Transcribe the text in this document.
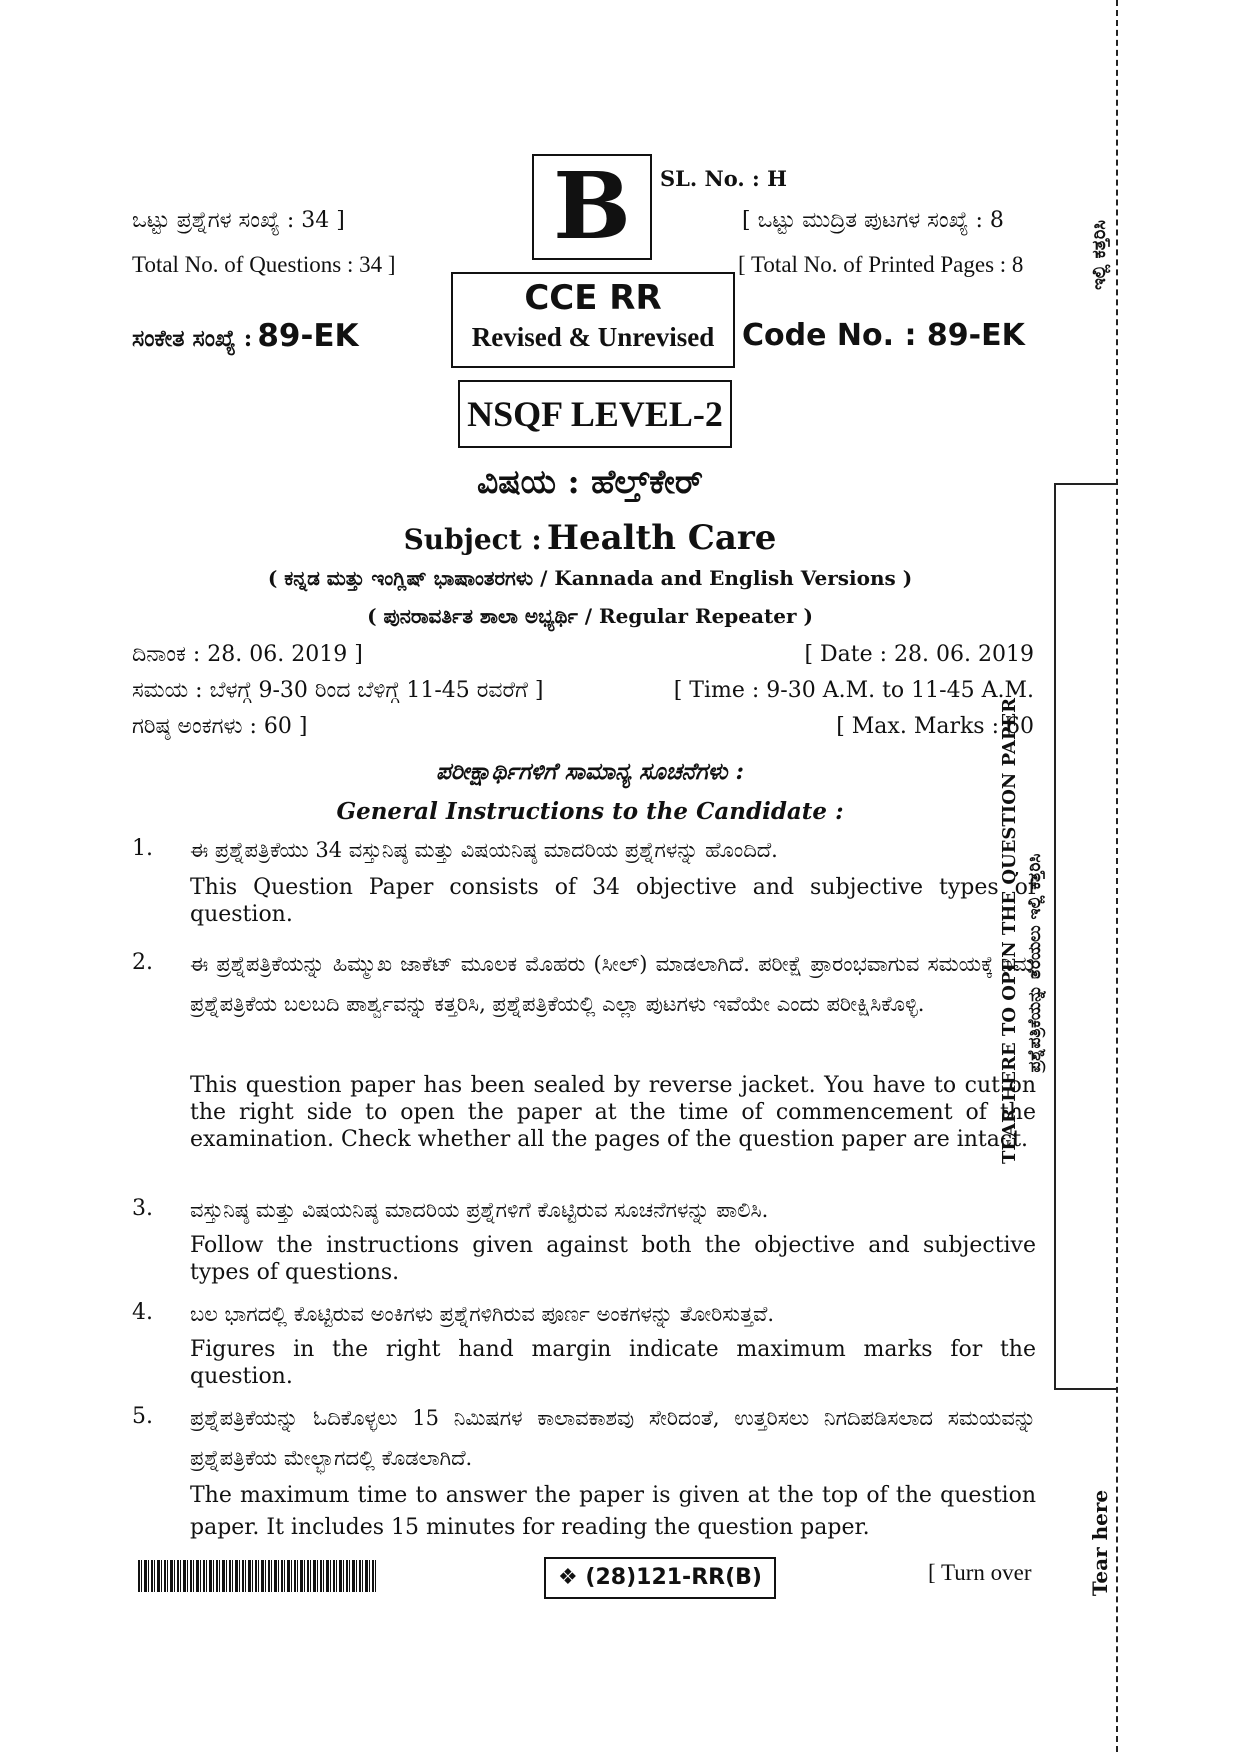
ಇಲ್ಲಿ ಕತ್ತರಿಸಿ
TEAR HERE TO OPEN THE QUESTION PAPER ಪ್ರಶ್ನೆಪತ್ರಿಕೆಯನ್ನು ತೆರೆಯಲು ಇಲ್ಲಿ ಕತ್ತರಿಸಿ
Tear here
B	SL. No. : H
ಒಟ್ಟು ಪ್ರಶ್ನೆಗಳ ಸಂಖ್ಯೆ : 34 ]
Total No. of Questions : 34 ]
[ ಒಟ್ಟು ಮುದ್ರಿತ ಪುಟಗಳ ಸಂಖ್ಯೆ : 8
[ Total No. of Printed Pages : 8
CCE RR
Revised & Unrevised
ಸಂಕೇತ ಸಂಖ್ಯೆ : 89-EK	Code No. : 89-EK
NSQF LEVEL-2
ವಿಷಯ : ಹೆಲ್ತ್‌ಕೇರ್
Subject : Health Care
( ಕನ್ನಡ ಮತ್ತು ಇಂಗ್ಲಿಷ್ ಭಾಷಾಂತರಗಳು / Kannada and English Versions )
( ಪುನರಾವರ್ತಿತ ಶಾಲಾ ಅಭ್ಯರ್ಥಿ / Regular Repeater )
ದಿನಾಂಕ : 28. 06. 2019 ]	[ Date : 28. 06. 2019
ಸಮಯ : ಬೆಳಗ್ಗೆ 9-30 ರಿಂದ ಬೆಳಿಗ್ಗೆ 11-45 ರವರೆಗೆ ]	[ Time : 9-30 A.M. to 11-45 A.M.
ಗರಿಷ್ಠ ಅಂಕಗಳು : 60 ]	[ Max. Marks : 60
ಪರೀಕ್ಷಾರ್ಥಿಗಳಿಗೆ ಸಾಮಾನ್ಯ ಸೂಚನೆಗಳು :
General Instructions to the Candidate :
1. ಈ ಪ್ರಶ್ನೆಪತ್ರಿಕೆಯು 34 ವಸ್ತುನಿಷ್ಠ ಮತ್ತು ವಿಷಯನಿಷ್ಠ ಮಾದರಿಯ ಪ್ರಶ್ನೆಗಳನ್ನು ಹೊಂದಿದೆ.
This Question Paper consists of 34 objective and subjective types of question.
2. ಈ ಪ್ರಶ್ನೆಪತ್ರಿಕೆಯನ್ನು ಹಿಮ್ಮುಖ ಜಾಕೆಟ್ ಮೂಲಕ ಮೊಹರು (ಸೀಲ್) ಮಾಡಲಾಗಿದೆ. ಪರೀಕ್ಷೆ ಪ್ರಾರಂಭವಾಗುವ ಸಮಯಕ್ಕೆ ನಿಮ್ಮ ಪ್ರಶ್ನೆಪತ್ರಿಕೆಯ ಬಲಬದಿ ಪಾರ್ಶ್ವವನ್ನು ಕತ್ತರಿಸಿ, ಪ್ರಶ್ನೆಪತ್ರಿಕೆಯಲ್ಲಿ ಎಲ್ಲಾ ಪುಟಗಳು ಇವೆಯೇ ಎಂದು ಪರೀಕ್ಷಿಸಿಕೊಳ್ಳಿ.
This question paper has been sealed by reverse jacket. You have to cut on the right side to open the paper at the time of commencement of the examination. Check whether all the pages of the question paper are intact.
3. ವಸ್ತುನಿಷ್ಠ ಮತ್ತು ವಿಷಯನಿಷ್ಠ ಮಾದರಿಯ ಪ್ರಶ್ನೆಗಳಿಗೆ ಕೊಟ್ಟಿರುವ ಸೂಚನೆಗಳನ್ನು ಪಾಲಿಸಿ.
Follow the instructions given against both the objective and subjective types of questions.
4. ಬಲ ಭಾಗದಲ್ಲಿ ಕೊಟ್ಟಿರುವ ಅಂಕಿಗಳು ಪ್ರಶ್ನೆಗಳಿಗಿರುವ ಪೂರ್ಣ ಅಂಕಗಳನ್ನು ತೋರಿಸುತ್ತವೆ.
Figures in the right hand margin indicate maximum marks for the question.
5. ಪ್ರಶ್ನೆಪತ್ರಿಕೆಯನ್ನು ಓದಿಕೊಳ್ಳಲು 15 ನಿಮಿಷಗಳ ಕಾಲಾವಕಾಶವು ಸೇರಿದಂತೆ, ಉತ್ತರಿಸಲು ನಿಗದಿಪಡಿಸಲಾದ ಸಮಯವನ್ನು ಪ್ರಶ್ನೆಪತ್ರಿಕೆಯ ಮೇಲ್ಭಾಗದಲ್ಲಿ ಕೊಡಲಾಗಿದೆ.
The maximum time to answer the paper is given at the top of the question paper. It includes 15 minutes for reading the question paper.
❖ (28)121-RR(B)	[ Turn over
